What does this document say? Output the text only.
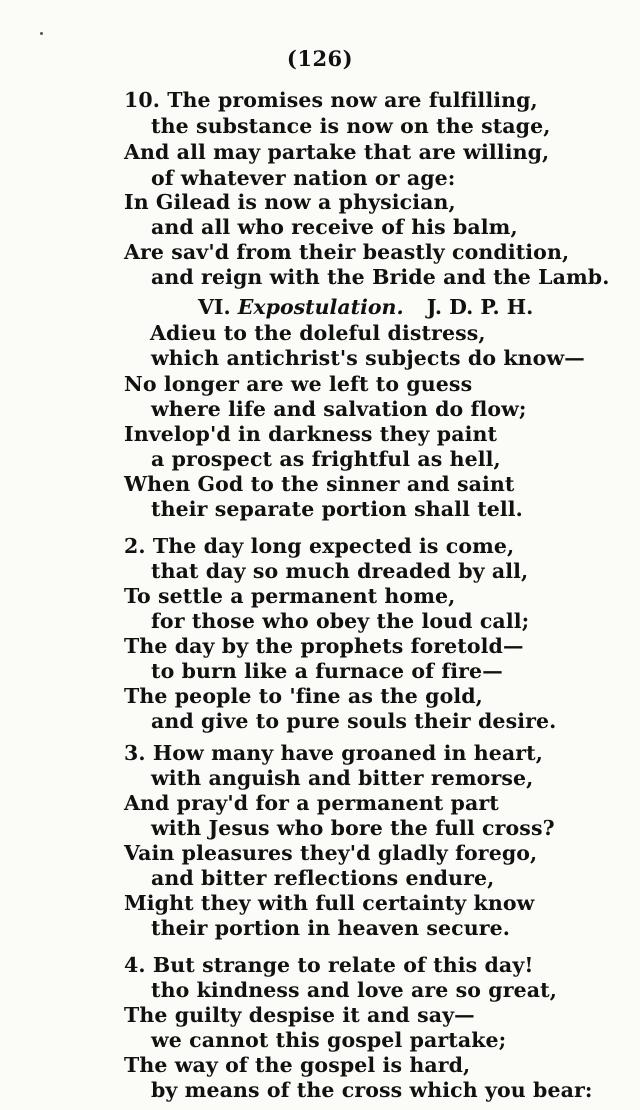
(126)
10. The promises now are fulfilling,
the substance is now on the stage,
And all may partake that are willing,
of whatever nation or age:
In Gilead is now a physician,
and all who receive of his balm,
Are sav'd from their beastly condition,
and reign with the Bride and the Lamb.
VI. Expostulation. J. D. P. H.
Adieu to the doleful distress,
which antichrist's subjects do know—
No longer are we left to guess
where life and salvation do flow;
Invelop'd in darkness they paint
a prospect as frightful as hell,
When God to the sinner and saint
their separate portion shall tell.
2. The day long expected is come,
that day so much dreaded by all,
To settle a permanent home,
for those who obey the loud call;
The day by the prophets foretold—
to burn like a furnace of fire—
The people to 'fine as the gold,
and give to pure souls their desire.
3. How many have groaned in heart,
with anguish and bitter remorse,
And pray'd for a permanent part
with Jesus who bore the full cross?
Vain pleasures they'd gladly forego,
and bitter reflections endure,
Might they with full certainty know
their portion in heaven secure.
4. But strange to relate of this day!
tho kindness and love are so great,
The guilty despise it and say—
we cannot this gospel partake;
The way of the gospel is hard,
by means of the cross which you bear:
